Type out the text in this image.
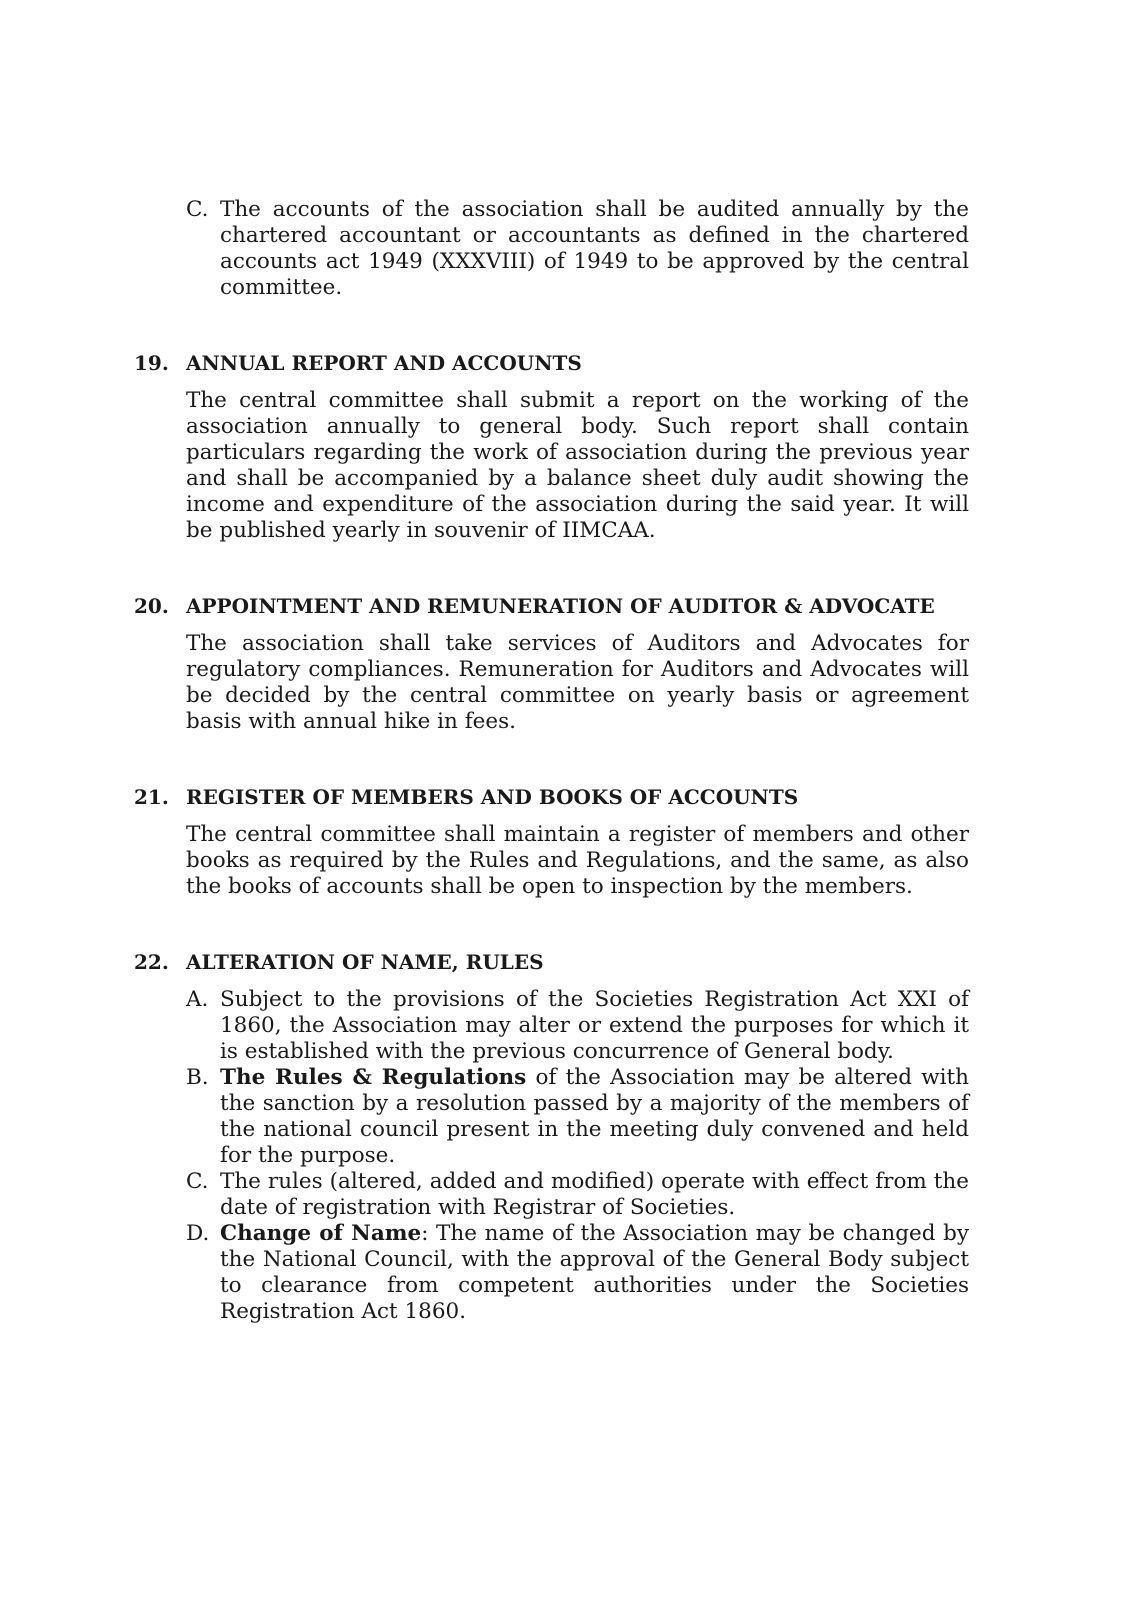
C. The accounts of the association shall be audited annually by the chartered accountant or accountants as defined in the chartered accounts act 1949 (XXXVIII) of 1949 to be approved by the central committee.
19. ANNUAL REPORT AND ACCOUNTS
The central committee shall submit a report on the working of the association annually to general body. Such report shall contain particulars regarding the work of association during the previous year and shall be accompanied by a balance sheet duly audit showing the income and expenditure of the association during the said year. It will be published yearly in souvenir of IIMCAA.
20. APPOINTMENT AND REMUNERATION OF AUDITOR & ADVOCATE
The association shall take services of Auditors and Advocates for regulatory compliances. Remuneration for Auditors and Advocates will be decided by the central committee on yearly basis or agreement basis with annual hike in fees.
21. REGISTER OF MEMBERS AND BOOKS OF ACCOUNTS
The central committee shall maintain a register of members and other books as required by the Rules and Regulations, and the same, as also the books of accounts shall be open to inspection by the members.
22. ALTERATION OF NAME, RULES
A. Subject to the provisions of the Societies Registration Act XXI of 1860, the Association may alter or extend the purposes for which it is established with the previous concurrence of General body.
B. The Rules & Regulations of the Association may be altered with the sanction by a resolution passed by a majority of the members of the national council present in the meeting duly convened and held for the purpose.
C. The rules (altered, added and modified) operate with effect from the date of registration with Registrar of Societies.
D. Change of Name: The name of the Association may be changed by the National Council, with the approval of the General Body subject to clearance from competent authorities under the Societies Registration Act 1860.
